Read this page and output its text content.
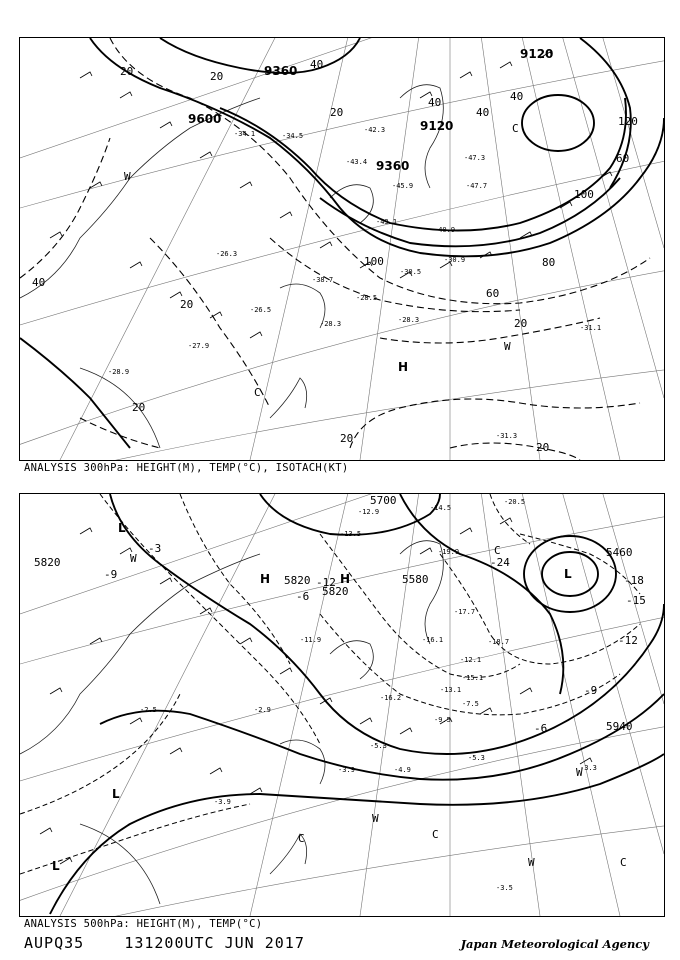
9360
9600	9120
9120
9360
20	20
40
20
40
40
40
60
80
100
120
100
60
20
20
20
20
40
20
-34.1	-34.5
-42.3
-43.4	-47.3
-30.5
-28.5
-28.3	-28.3
-31.1
-31.3
-26.3
-28.9
-26.5
-27.9
-30.9
-47.7
-45.9
-43.1
-40.9
-38.7
H
C
W
W
C
ANALYSIS 300hPa: HEIGHT(M), TEMP(°C), ISOTACH(KT)
5700
5820
5820
5820
5580
5940
5460
-3
-6
-9
-12
-15
-18
-24
-12
-9
-6
-12.9
-13.5
-14.5
-19.9
-20.5
-17.7
-16.1
-15.1
-7.5
-5.3
-5.3
-4.9
-3.9
-3.9
-3.5
-3.3
-2.5	-2.9
-11.9
-12.1
-16.2
-18.7
-13.1
-9.5
L
W
H	H
C
L
L
C
W
C
W	C
L
W
ANALYSIS 500hPa: HEIGHT(M), TEMP(°C)
AUPQ35	131200UTC JUN 2017	Japan Meteorological Agency
